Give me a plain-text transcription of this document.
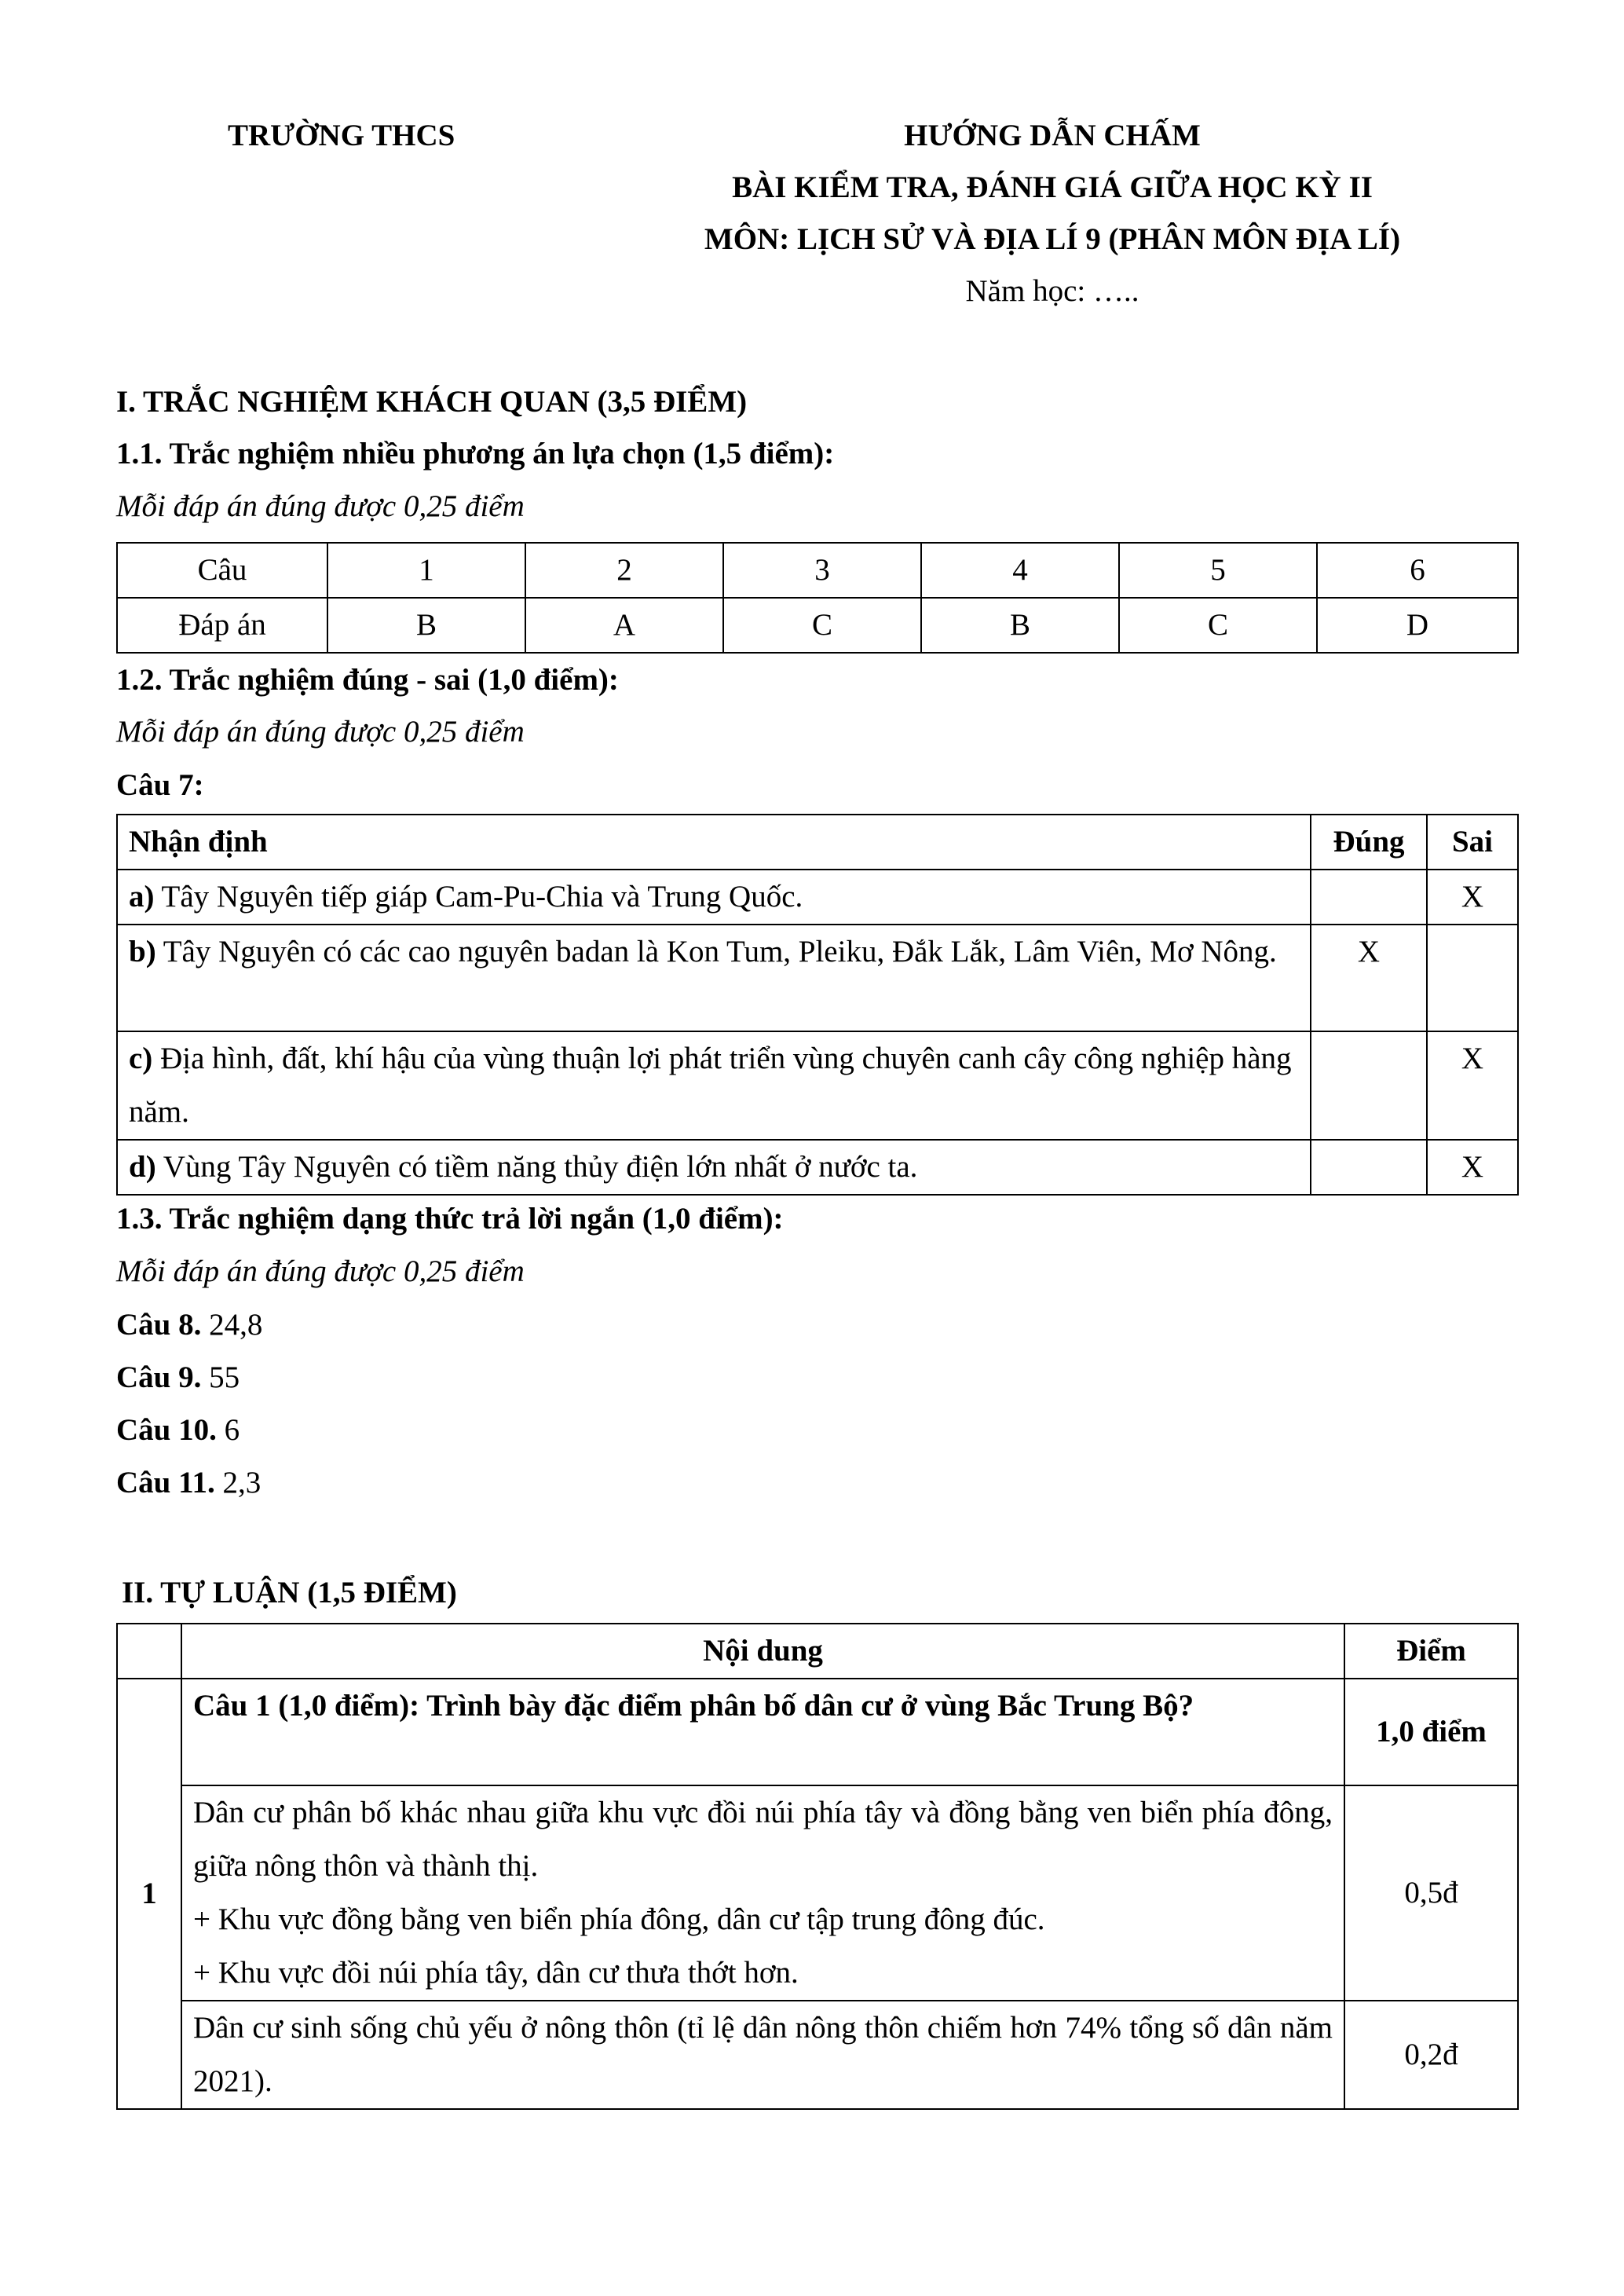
TRƯỜNG THCS	HƯỚNG DẪN CHẤM
BÀI KIỂM TRA, ĐÁNH GIÁ GIỮA HỌC KỲ II
MÔN: LỊCH SỬ VÀ ĐỊA LÍ 9 (PHÂN MÔN ĐỊA LÍ)
Năm học: …..
I. TRẮC NGHIỆM KHÁCH QUAN (3,5 ĐIỂM)
1.1. Trắc nghiệm nhiều phương án lựa chọn (1,5 điểm):
Mỗi đáp án đúng được 0,25 điểm
Câu	1	2	3	4	5	6
Đáp án	B	A	C	B	C	D
1.2. Trắc nghiệm đúng - sai (1,0 điểm):
Mỗi đáp án đúng được 0,25 điểm
Câu 7:
Nhận định	Đúng	Sai
a) Tây Nguyên tiếp giáp Cam-Pu-Chia và Trung Quốc.		X
b) Tây Nguyên có các cao nguyên badan là Kon Tum, Pleiku, Đắk Lắk, Lâm Viên, Mơ Nông.	X	
c) Địa hình, đất, khí hậu của vùng thuận lợi phát triển vùng chuyên canh cây công nghiệp hàng năm.		X
d) Vùng Tây Nguyên có tiềm năng thủy điện lớn nhất ở nước ta.		X
1.3. Trắc nghiệm dạng thức trả lời ngắn (1,0 điểm):
Mỗi đáp án đúng được 0,25 điểm
Câu 8. 24,8
Câu 9. 55
Câu 10. 6
Câu 11. 2,3
II. TỰ LUẬN (1,5 ĐIỂM)
	Nội dung	Điểm
1	Câu 1 (1,0 điểm): Trình bày đặc điểm phân bố dân cư ở vùng Bắc Trung Bộ?	1,0 điểm

	Dân cư phân bố khác nhau giữa khu vực đồi núi phía tây và đồng bằng ven biển phía đông, giữa nông thôn và thành thị.
+ Khu vực đồng bằng ven biển phía đông, dân cư tập trung đông đúc.
+ Khu vực đồi núi phía tây, dân cư thưa thớt hơn.	0,5đ
	Dân cư sinh sống chủ yếu ở nông thôn (tỉ lệ dân nông thôn chiếm hơn 74% tổng số dân năm 2021).	0,2đ
